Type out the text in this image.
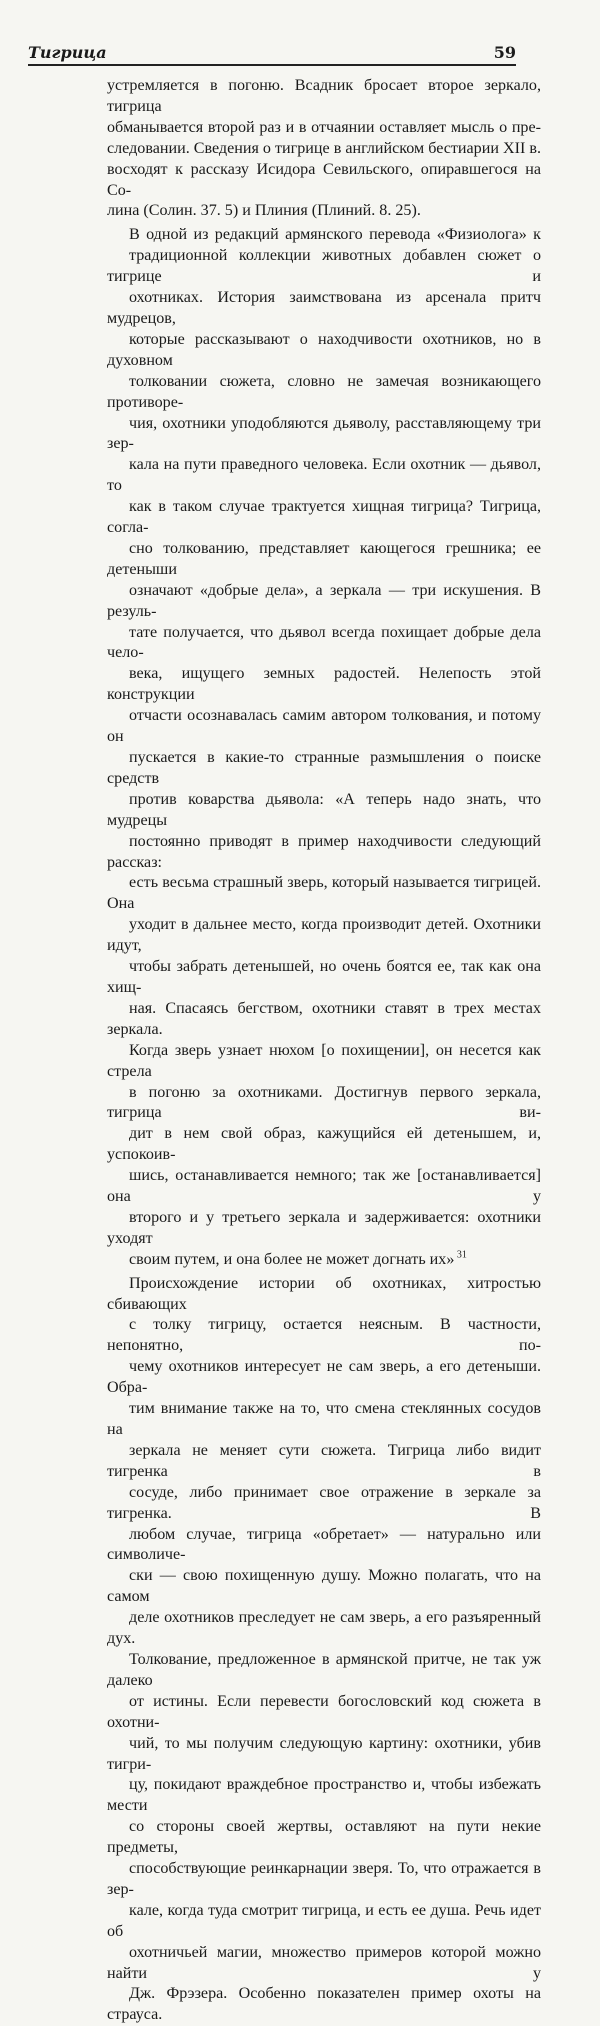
Тигрица	59

устремляется в погоню. Всадник бросает второе зеркало, тигрица
обманывается второй раз и в отчаянии оставляет мысль о пре-
следовании. Сведения о тигрице в английском бестиарии XII в.
восходят к рассказу Исидора Севильского, опиравшегося на Со-
лина (Солин. 37. 5) и Плиния (Плиний. 8. 25).

В одной из редакций армянского перевода «Физиолога» к
традиционной коллекции животных добавлен сюжет о тигрице и
охотниках. История заимствована из арсенала притч мудрецов,
которые рассказывают о находчивости охотников, но в духовном
толковании сюжета, словно не замечая возникающего противоре-
чия, охотники уподобляются дьяволу, расставляющему три зер-
кала на пути праведного человека. Если охотник — дьявол, то
как в таком случае трактуется хищная тигрица? Тигрица, согла-
сно толкованию, представляет кающегося грешника; ее детеныши
означают «добрые дела», а зеркала — три искушения. В резуль-
тате получается, что дьявол всегда похищает добрые дела чело-
века, ищущего земных радостей. Нелепость этой конструкции
отчасти осознавалась самим автором толкования, и потому он
пускается в какие-то странные размышления о поиске средств
против коварства дьявола: «А теперь надо знать, что мудрецы
постоянно приводят в пример находчивости следующий рассказ:
есть весьма страшный зверь, который называется тигрицей. Она
уходит в дальнее место, когда производит детей. Охотники идут,
чтобы забрать детенышей, но очень боятся ее, так как она хищ-
ная. Спасаясь бегством, охотники ставят в трех местах зеркала.
Когда зверь узнает нюхом [о похищении], он несется как стрела
в погоню за охотниками. Достигнув первого зеркала, тигрица ви-
дит в нем свой образ, кажущийся ей детенышем, и, успокоив-
шись, останавливается немного; так же [останавливается] она у
второго и у третьего зеркала и задерживается: охотники уходят
своим путем, и она более не может догнать их» $^{31}$

Происхождение истории об охотниках, хитростью сбивающих
с толку тигрицу, остается неясным. В частности, непонятно, по-
чему охотников интересует не сам зверь, а его детеныши. Обра-
тим внимание также на то, что смена стеклянных сосудов на
зеркала не меняет сути сюжета. Тигрица либо видит тигренка в
сосуде, либо принимает свое отражение в зеркале за тигренка. В
любом случае, тигрица «обретает» — натурально или символиче-
ски — свою похищенную душу. Можно полагать, что на самом
деле охотников преследует не сам зверь, а его разъяренный дух.
Толкование, предложенное в армянской притче, не так уж далеко
от истины. Если перевести богословский код сюжета в охотни-
чий, то мы получим следующую картину: охотники, убив тигри-
цу, покидают враждебное пространство и, чтобы избежать мести
со стороны своей жертвы, оставляют на пути некие предметы,
способствующие реинкарнации зверя. То, что отражается в зер-
кале, когда туда смотрит тигрица, и есть ее душа. Речь идет об
охотничьей магии, множество примеров которой можно найти у
Дж. Фрэзера. Особенно показателен пример охоты на страуса.
